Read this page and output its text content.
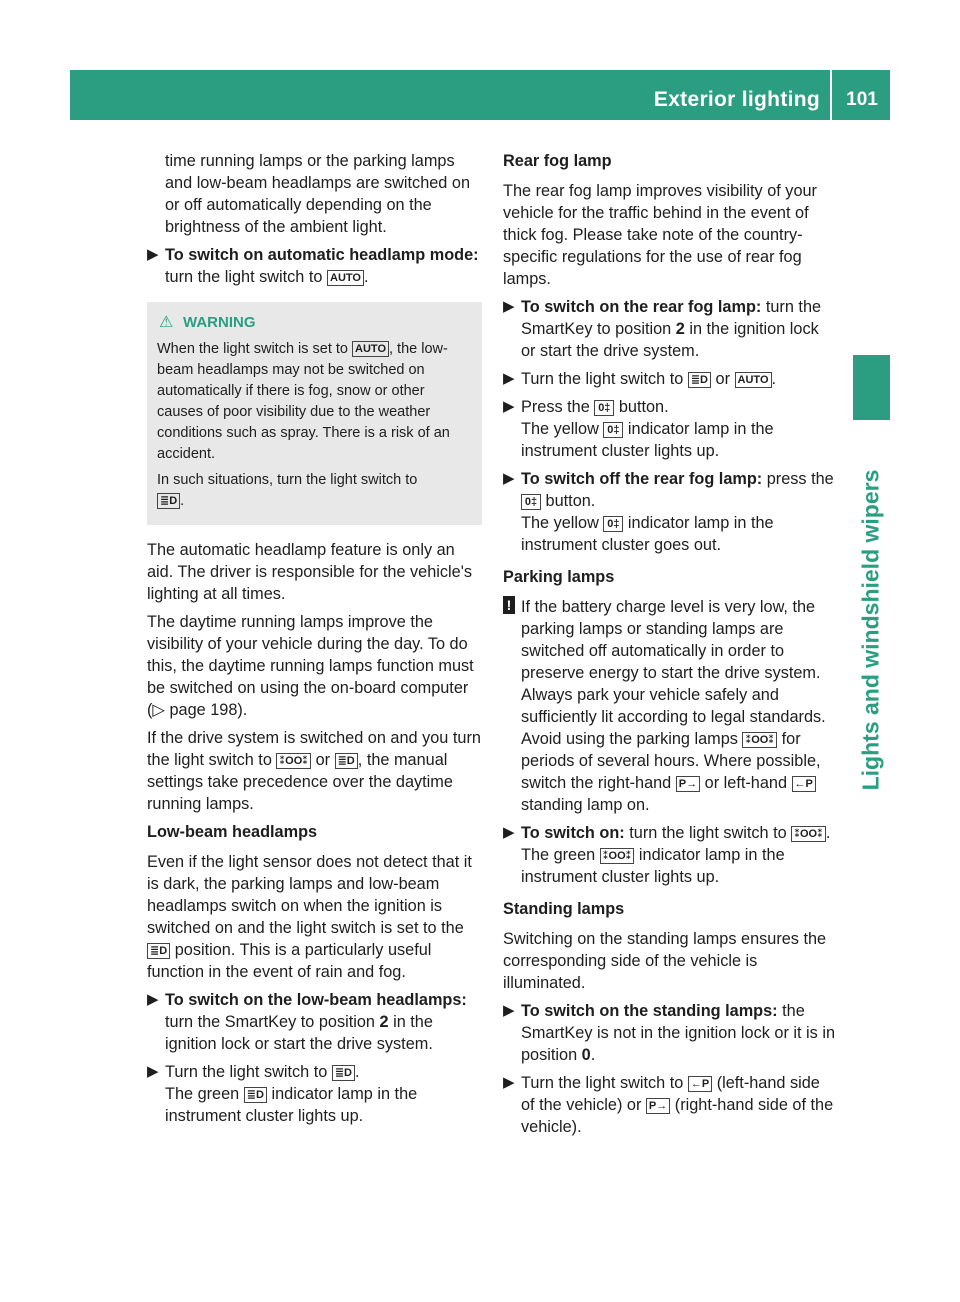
Exterior lighting	101
Lights and windshield wipers

time running lamps or the parking lamps and low-beam headlamps are switched on or off automatically depending on the brightness of the ambient light.

▶ To switch on automatic headlamp mode: turn the light switch to AUTO .
⚠ WARNING

When the light switch is set to AUTO , the low-beam headlamps may not be switched on automatically if there is fog, snow or other causes of poor visibility due to the weather conditions such as spray. There is a risk of an accident.

In such situations, turn the light switch to
≣D .

The automatic headlamp feature is only an aid. The driver is responsible for the vehicle's lighting at all times.

The daytime running lamps improve the visibility of your vehicle during the day. To do this, the daytime running lamps function must be switched on using the on-board computer
(▷ page 198).

If the drive system is switched on and you turn the light switch to ⁑OO⁑ or ≣D , the manual settings take precedence over the daytime running lamps.

Low-beam headlamps

Even if the light sensor does not detect that it is dark, the parking lamps and low-beam headlamps switch on when the ignition is switched on and the light switch is set to the ≣D position. This is a particularly useful function in the event of rain and fog.

▶ To switch on the low-beam headlamps: turn the SmartKey to position 2 in the ignition lock or start the drive system.
▶ Turn the light switch to ≣D .
The green ≣D indicator lamp in the instrument cluster lights up.
Rear fog lamp

The rear fog lamp improves visibility of your vehicle for the traffic behind in the event of thick fog. Please take note of the country-specific regulations for the use of rear fog lamps.

▶ To switch on the rear fog lamp: turn the SmartKey to position 2 in the ignition lock or start the drive system.
▶ Turn the light switch to ≣D or AUTO .
▶ Press the 0‡ button.
The yellow 0‡ indicator lamp in the instrument cluster lights up.
▶ To switch off the rear fog lamp: press the
0‡ button.
The yellow 0‡ indicator lamp in the instrument cluster goes out.
Parking lamps
! If the battery charge level is very low, the parking lamps or standing lamps are switched off automatically in order to preserve energy to start the drive system. Always park your vehicle safely and sufficiently lit according to legal standards. Avoid using the parking lamps ⁑OO⁑ for periods of several hours. Where possible, switch the right-hand P→ or left-hand ←P standing lamp on.
▶ To switch on: turn the light switch to ⁑OO⁑ .
The green ⁑OO⁑ indicator lamp in the instrument cluster lights up.
Standing lamps

Switching on the standing lamps ensures the corresponding side of the vehicle is illuminated.

▶ To switch on the standing lamps: the SmartKey is not in the ignition lock or it is in position 0.
▶ Turn the light switch to ←P (left-hand side of the vehicle) or P→ (right-hand side of the vehicle).
